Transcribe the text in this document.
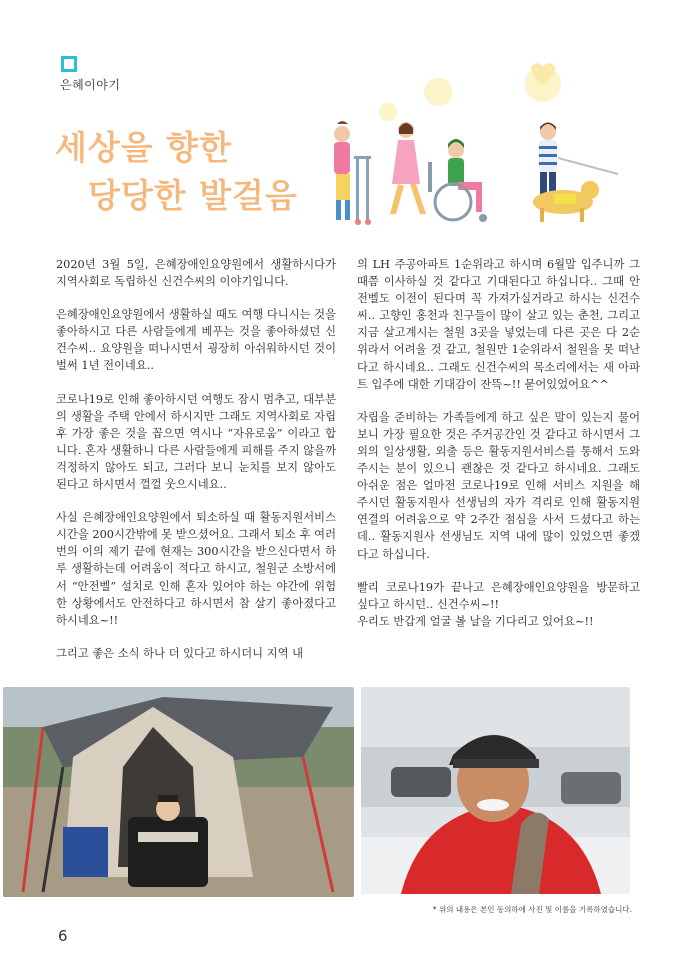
은혜이야기
세상을 향한
당당한 발걸음

2020년 3월 5일, 은혜장애인요양원에서 생활하시다가 지역사회로 독립하신 신건수씨의 이야기입니다.

은혜장애인요양원에서 생활하실 때도 여행 다니시는 것을 좋아하시고 다른 사람들에게 베푸는 것을 좋아하셨던 신건수씨.. 요양원을 떠나시면서 굉장히 아쉬워하시던 것이 벌써 1년 전이네요..

코로나19로 인해 좋아하시던 여행도 잠시 멈추고, 대부분의 생활을 주택 안에서 하시지만 그래도 지역사회로 자립 후 가장 좋은 것을 꼽으면 역시나 “자유로움” 이라고 합니다. 혼자 생활하니 다른 사람들에게 피해를 주지 않을까 걱정하지 않아도 되고, 그러다 보니 눈치를 보지 않아도 된다고 하시면서 껄껄 웃으시네요..

사실 은혜장애인요양원에서 퇴소하실 때 활동지원서비스 시간을 200시간밖에 못 받으셨어요. 그래서 퇴소 후 여러 번의 이의 제기 끝에 현재는 300시간을 받으신다면서 하루 생활하는데 어려움이 적다고 하시고, 철원군 소방서에서 “안전벨” 설치로 인해 혼자 있어야 하는 야간에 위험한 상황에서도 안전하다고 하시면서 참 살기 좋아졌다고 하시네요~!!

그리고 좋은 소식 하나 더 있다고 하시더니 지역 내

의 LH 주공아파트 1순위라고 하시며 6월말 입주니까 그때쯤 이사하실 것 같다고 기대된다고 하십니다.. 그때 안전벨도 이전이 된다며 꼭 가져가실거라고 하시는 신건수씨.. 고향인 홍천과 친구들이 많이 살고 있는 춘천, 그리고 지금 살고계시는 철원 3곳을 넣었는데 다른 곳은 다 2순위라서 어려울 것 같고, 철원만 1순위라서 철원을 못 떠난다고 하시네요.. 그래도 신건수씨의 목소리에서는 새 아파트 입주에 대한 기대감이 잔뜩~!! 묻어있었어요^^

자립을 준비하는 가족들에게 하고 싶은 말이 있는지 물어보니 가장 필요한 것은 주거공간인 것 같다고 하시면서 그 외의 일상생활, 외출 등은 활동지원서비스를 통해서 도와주시는 분이 있으니 괜찮은 것 같다고 하시네요. 그래도 아쉬운 점은 얼마전 코로나19로 인해 서비스 지원을 해 주시던 활동지원사 선생님의 자가 격리로 인해 활동지원연결의 어려움으로 약 2주간 점심을 사서 드셨다고 하는데.. 활동지원사 선생님도 지역 내에 많이 있었으면 좋겠다고 하십니다.

빨리 코로나19가 끝나고 은혜장애인요양원을 방문하고 싶다고 하시던.. 신건수씨~!!

우리도 반갑게 얼굴 볼 날을 기다리고 있어요~!!

* 위의 내용은 본인 동의하에 사진 및 이름을 기록하였습니다.
6
